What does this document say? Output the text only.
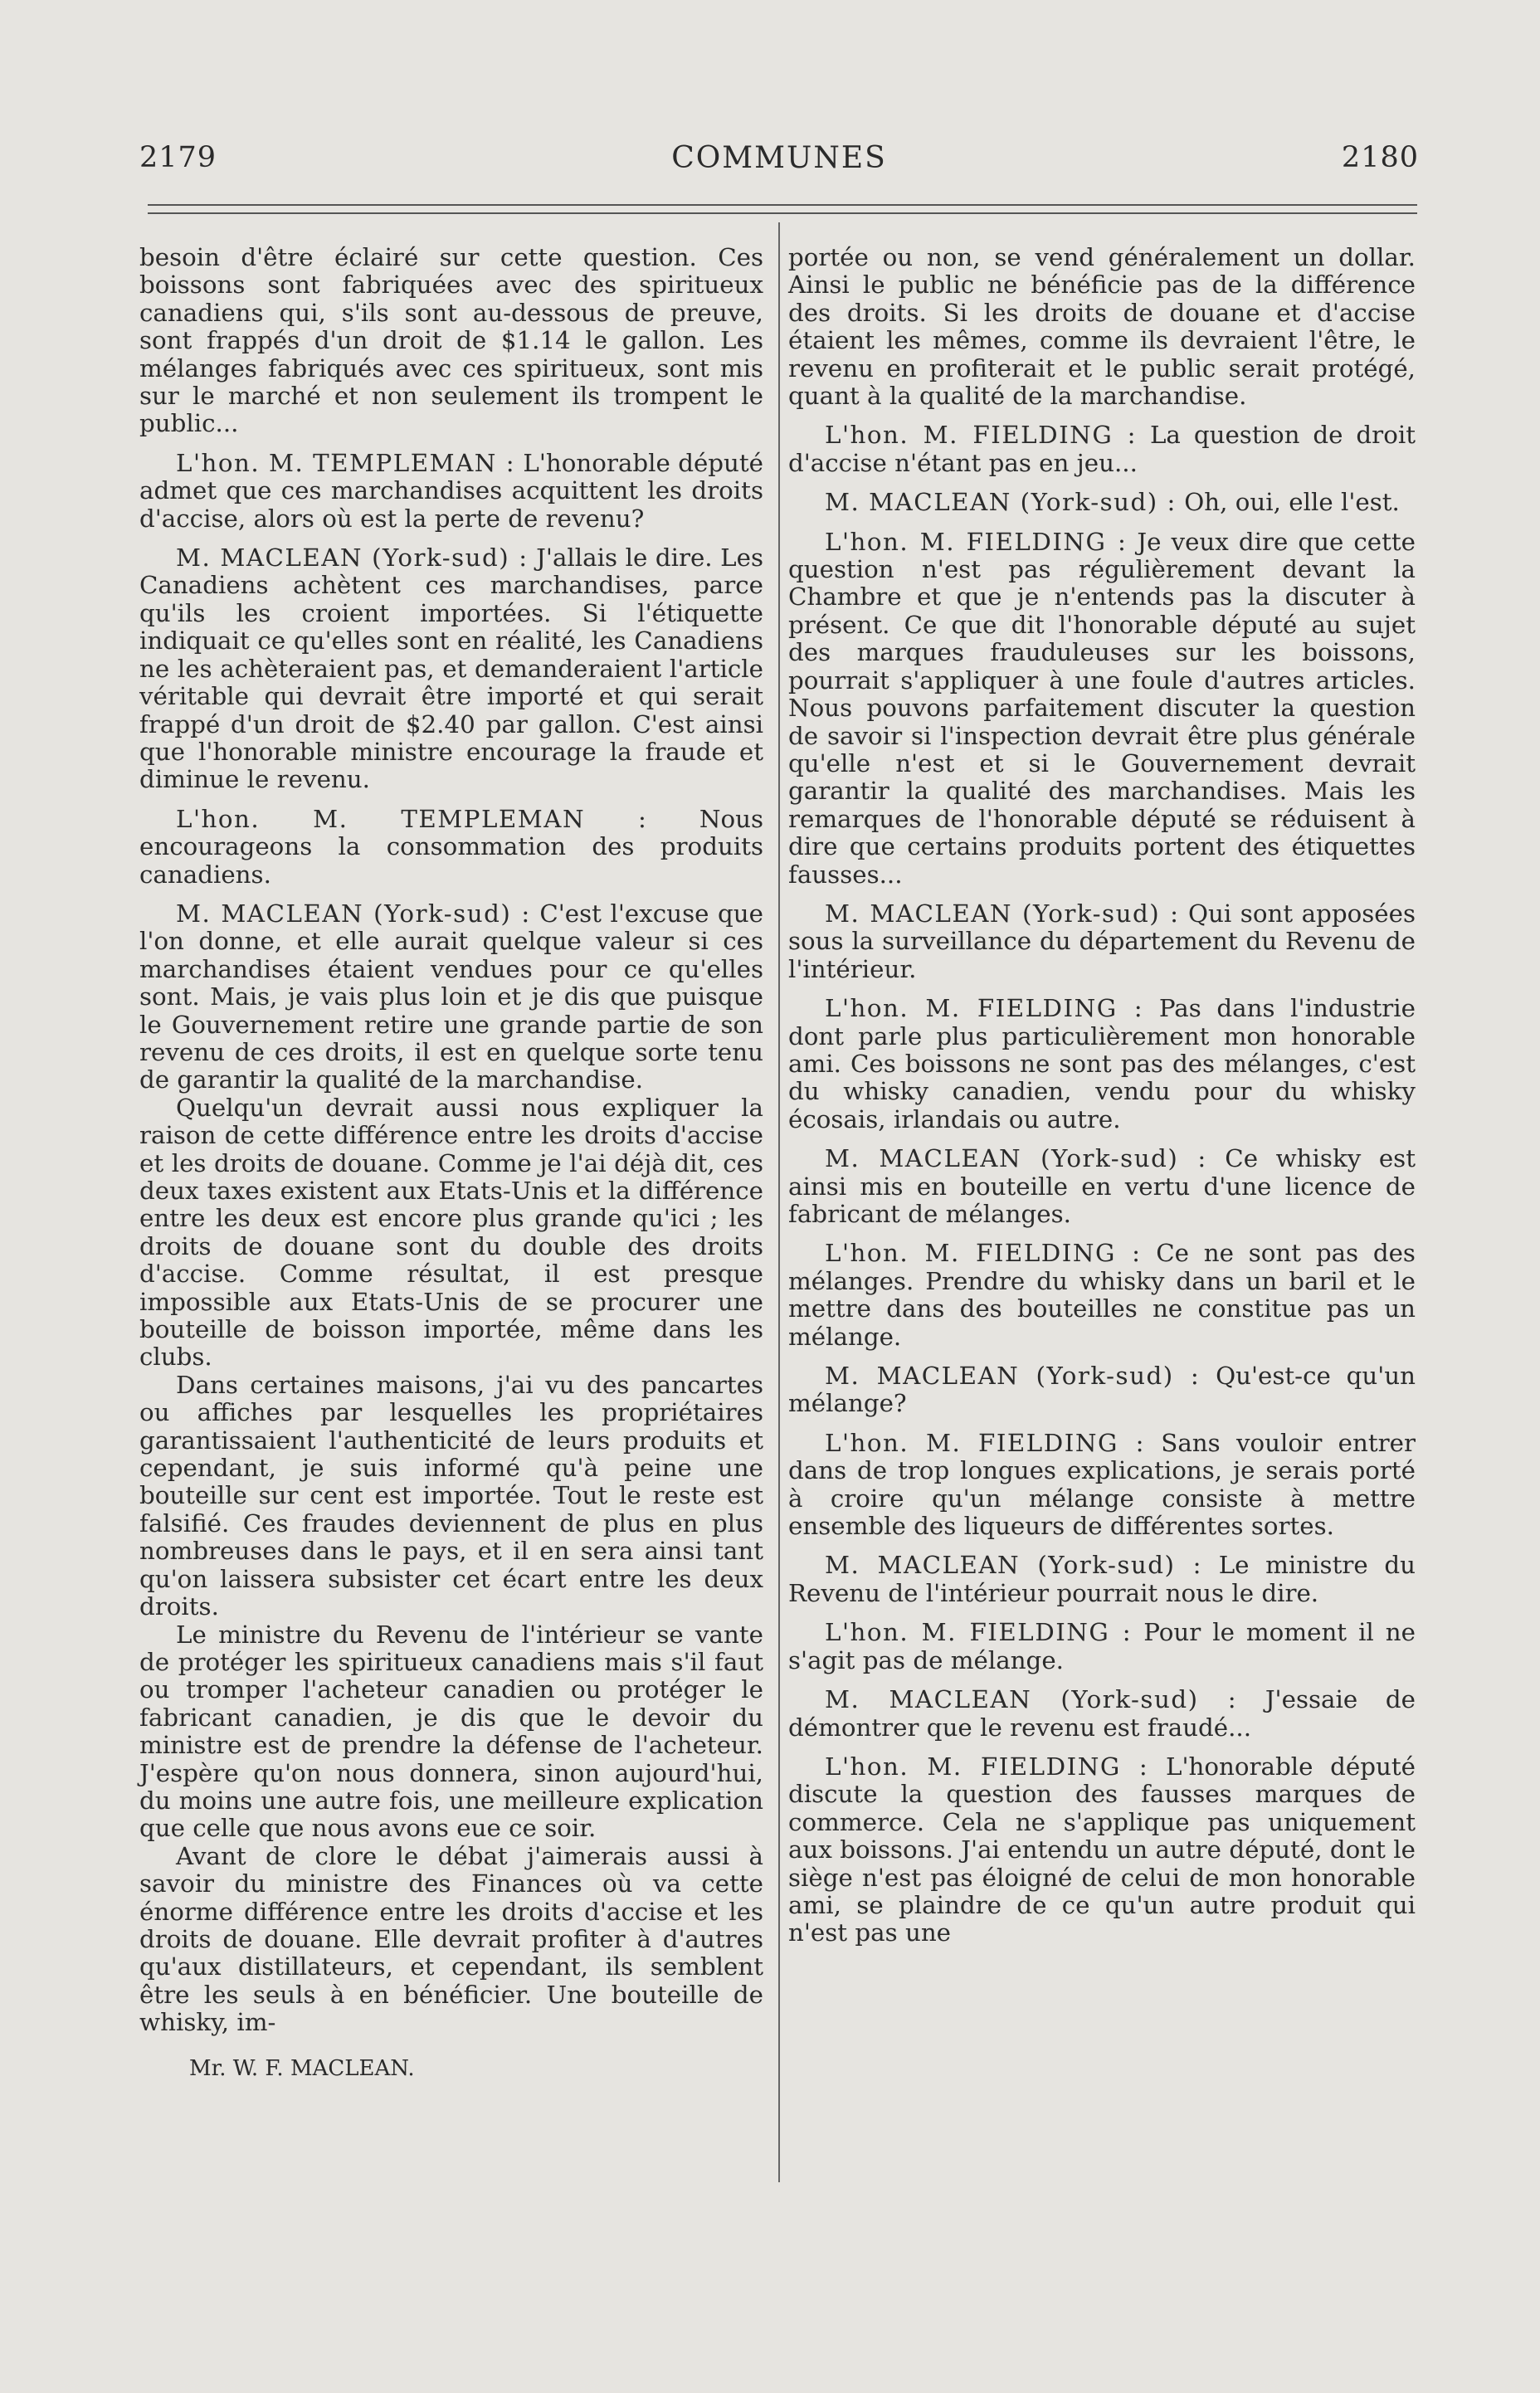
2179	COMMUNES	2180

besoin d'être éclairé sur cette question. Ces boissons sont fabriquées avec des spiritueux canadiens qui, s'ils sont au-dessous de preuve, sont frappés d'un droit de $1.14 le gallon. Les mélanges fabriqués avec ces spiritueux, sont mis sur le marché et non seulement ils trompent le public...

L'hon. M. TEMPLEMAN : L'honorable député admet que ces marchandises acquittent les droits d'accise, alors où est la perte de revenu?

M. MACLEAN (York-sud) : J'allais le dire. Les Canadiens achètent ces marchandises, parce qu'ils les croient importées. Si l'étiquette indiquait ce qu'elles sont en réalité, les Canadiens ne les achèteraient pas, et demanderaient l'article véritable qui devrait être importé et qui serait frappé d'un droit de $2.40 par gallon. C'est ainsi que l'honorable ministre encourage la fraude et diminue le revenu.

L'hon. M. TEMPLEMAN : Nous encourageons la consommation des produits canadiens.

M. MACLEAN (York-sud) : C'est l'excuse que l'on donne, et elle aurait quelque valeur si ces marchandises étaient vendues pour ce qu'elles sont. Mais, je vais plus loin et je dis que puisque le Gouvernement retire une grande partie de son revenu de ces droits, il est en quelque sorte tenu de garantir la qualité de la marchandise.

Quelqu'un devrait aussi nous expliquer la raison de cette différence entre les droits d'accise et les droits de douane. Comme je l'ai déjà dit, ces deux taxes existent aux Etats-Unis et la différence entre les deux est encore plus grande qu'ici ; les droits de douane sont du double des droits d'accise. Comme résultat, il est presque impossible aux Etats-Unis de se procurer une bouteille de boisson importée, même dans les clubs.

Dans certaines maisons, j'ai vu des pancartes ou affiches par lesquelles les propriétaires garantissaient l'authenticité de leurs produits et cependant, je suis informé qu'à peine une bouteille sur cent est importée. Tout le reste est falsifié. Ces fraudes deviennent de plus en plus nombreuses dans le pays, et il en sera ainsi tant qu'on laissera subsister cet écart entre les deux droits.

Le ministre du Revenu de l'intérieur se vante de protéger les spiritueux canadiens mais s'il faut ou tromper l'acheteur canadien ou protéger le fabricant canadien, je dis que le devoir du ministre est de prendre la défense de l'acheteur. J'espère qu'on nous donnera, sinon aujourd'hui, du moins une autre fois, une meilleure explication que celle que nous avons eue ce soir.

Avant de clore le débat j'aimerais aussi à savoir du ministre des Finances où va cette énorme différence entre les droits d'accise et les droits de douane. Elle devrait profiter à d'autres qu'aux distillateurs, et cependant, ils semblent être les seuls à en bénéficier. Une bouteille de whisky, im-

Mr. W. F. MACLEAN.

portée ou non, se vend généralement un dollar. Ainsi le public ne bénéficie pas de la différence des droits. Si les droits de douane et d'accise étaient les mêmes, comme ils devraient l'être, le revenu en profiterait et le public serait protégé, quant à la qualité de la marchandise.

L'hon. M. FIELDING : La question de droit d'accise n'étant pas en jeu...

M. MACLEAN (York-sud) : Oh, oui, elle l'est.

L'hon. M. FIELDING : Je veux dire que cette question n'est pas régulièrement devant la Chambre et que je n'entends pas la discuter à présent. Ce que dit l'honorable député au sujet des marques frauduleuses sur les boissons, pourrait s'appliquer à une foule d'autres articles. Nous pouvons parfaitement discuter la question de savoir si l'inspection devrait être plus générale qu'elle n'est et si le Gouvernement devrait garantir la qualité des marchandises. Mais les remarques de l'honorable député se réduisent à dire que certains produits portent des étiquettes fausses...

M. MACLEAN (York-sud) : Qui sont apposées sous la surveillance du département du Revenu de l'intérieur.

L'hon. M. FIELDING : Pas dans l'industrie dont parle plus particulièrement mon honorable ami. Ces boissons ne sont pas des mélanges, c'est du whisky canadien, vendu pour du whisky écosais, irlandais ou autre.

M. MACLEAN (York-sud) : Ce whisky est ainsi mis en bouteille en vertu d'une licence de fabricant de mélanges.

L'hon. M. FIELDING : Ce ne sont pas des mélanges. Prendre du whisky dans un baril et le mettre dans des bouteilles ne constitue pas un mélange.

M. MACLEAN (York-sud) : Qu'est-ce qu'un mélange?

L'hon. M. FIELDING : Sans vouloir entrer dans de trop longues explications, je serais porté à croire qu'un mélange consiste à mettre ensemble des liqueurs de différentes sortes.

M. MACLEAN (York-sud) : Le ministre du Revenu de l'intérieur pourrait nous le dire.

L'hon. M. FIELDING : Pour le moment il ne s'agit pas de mélange.

M. MACLEAN (York-sud) : J'essaie de démontrer que le revenu est fraudé...

L'hon. M. FIELDING : L'honorable député discute la question des fausses marques de commerce. Cela ne s'applique pas uniquement aux boissons. J'ai entendu un autre député, dont le siège n'est pas éloigné de celui de mon honorable ami, se plaindre de ce qu'un autre produit qui n'est pas une
